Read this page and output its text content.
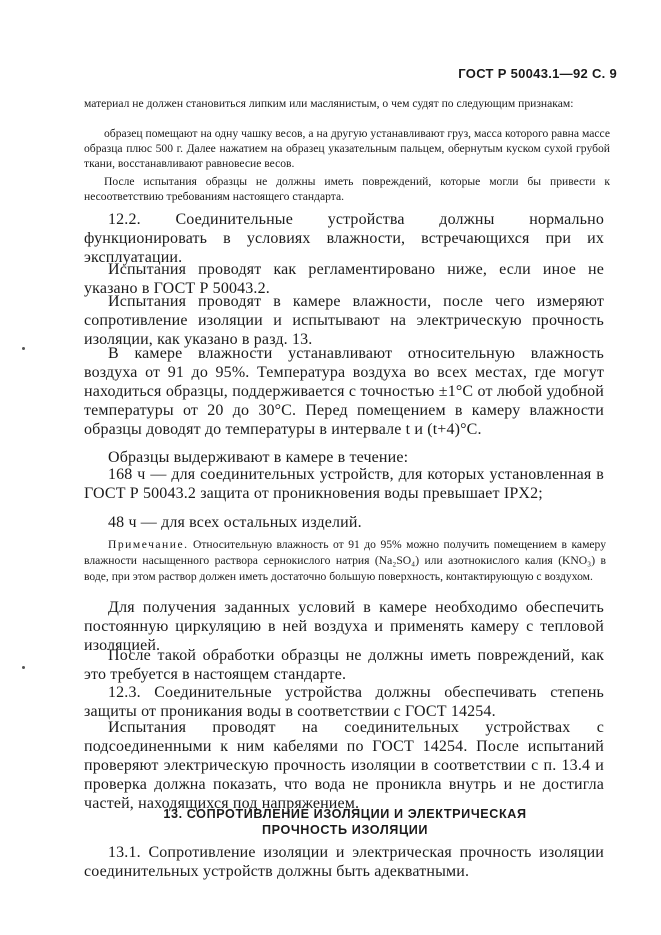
ГОСТ Р 50043.1—92 С. 9
материал не должен становиться липким или маслянистым, о чем судят по следующим признакам:
образец помещают на одну чашку весов, а на другую устанавливают груз, масса которого равна массе образца плюс 500 г. Далее нажатием на образец указательным пальцем, обернутым куском сухой грубой ткани, восстанавливают равновесие весов.
После испытания образцы не должны иметь повреждений, которые могли бы привести к несоответствию требованиям настоящего стандарта.
12.2. Соединительные устройства должны нормально функционировать в условиях влажности, встречающихся при их эксплуатации.
Испытания проводят как регламентировано ниже, если иное не указано в ГОСТ Р 50043.2.
Испытания проводят в камере влажности, после чего измеряют сопротивление изоляции и испытывают на электрическую прочность изоляции, как указано в разд. 13.
В камере влажности устанавливают относительную влажность воздуха от 91 до 95%. Температура воздуха во всех местах, где могут находиться образцы, поддерживается с точностью ±1°С от любой удобной температуры от 20 до 30°С. Перед помещением в камеру влажности образцы доводят до температуры в интервале t и (t+4)°С.
Образцы выдерживают в камере в течение:
168 ч — для соединительных устройств, для которых установленная в ГОСТ Р 50043.2 защита от проникновения воды превышает IPX2;
48 ч — для всех остальных изделий.
Примечание. Относительную влажность от 91 до 95% можно получить помещением в камеру влажности насыщенного раствора сернокислого натрия (Na₂SO₄) или азотнокислого калия (KNO₃) в воде, при этом раствор должен иметь достаточно большую поверхность, контактирующую с воздухом.
Для получения заданных условий в камере необходимо обеспечить постоянную циркуляцию в ней воздуха и применять камеру с тепловой изоляцией.
После такой обработки образцы не должны иметь повреждений, как это требуется в настоящем стандарте.
12.3. Соединительные устройства должны обеспечивать степень защиты от проникания воды в соответствии с ГОСТ 14254.
Испытания проводят на соединительных устройствах с подсоединенными к ним кабелями по ГОСТ 14254. После испытаний проверяют электрическую прочность изоляции в соответствии с п. 13.4 и проверка должна показать, что вода не проникла внутрь и не достигла частей, находящихся под напряжением.
13. СОПРОТИВЛЕНИЕ ИЗОЛЯЦИИ И ЭЛЕКТРИЧЕСКАЯ
ПРОЧНОСТЬ ИЗОЛЯЦИИ
13.1. Сопротивление изоляции и электрическая прочность изоляции соединительных устройств должны быть адекватными.
